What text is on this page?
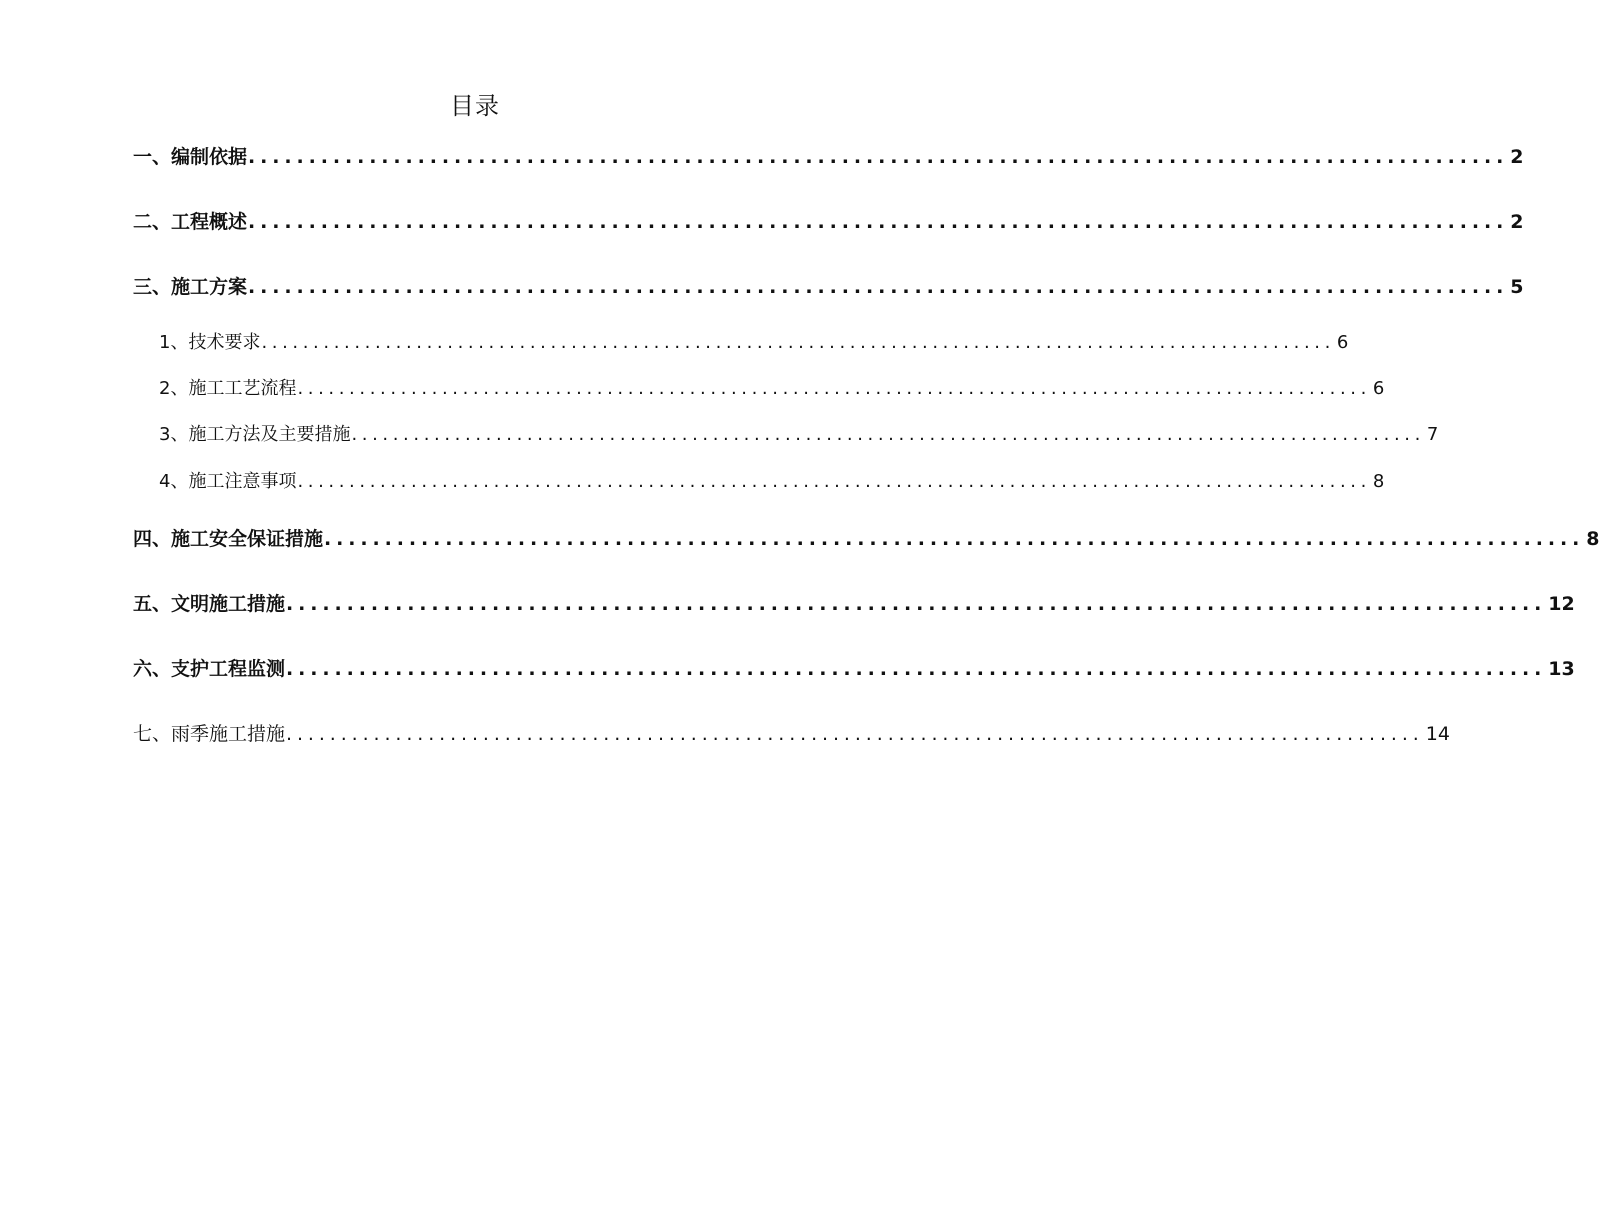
目录
一、编制依据 ........................................................................................................ 2
二、工程概述 ........................................................................................................ 2
三、施工方案 ........................................................................................................ 5
1、技术要求 ........................................................................................................ 6
2、施工工艺流程 ........................................................................................................ 6
3、施工方法及主要措施 ........................................................................................................ 7
4、施工注意事项 ........................................................................................................ 8
四、施工安全保证措施 ........................................................................................................ 8
五、文明施工措施 ........................................................................................................ 12
六、支护工程监测 ........................................................................................................ 13
七、雨季施工措施 ........................................................................................................ 14
